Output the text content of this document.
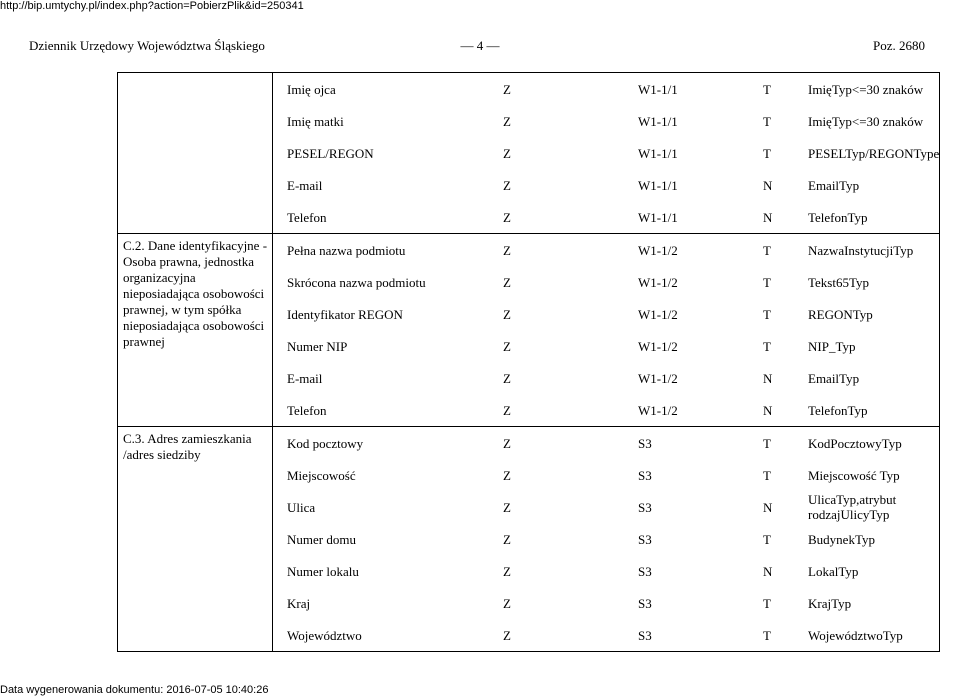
http://bip.umtychy.pl/index.php?action=PobierzPlik&id=250341
Dziennik Urzędowy Województwa Śląskiego	— 4 —	Poz. 2680

Imię ojca	Z	W1-1/1	T	ImięTyp<=30 znaków
Imię matki	Z	W1-1/1	T	ImięTyp<=30 znaków
PESEL/REGON	Z	W1-1/1	T	PESELTyp/REGONType
E-mail	Z	W1-1/1	N	EmailTyp
Telefon	Z	W1-1/1	N	TelefonTyp

C.2. Dane identyfikacyjne - Osoba prawna, jednostka organizacyjna nieposiadająca osobowości prawnej, w tym spółka nieposiadająca osobowości prawnej

Pełna nazwa podmiotu	Z	W1-1/2	T	NazwaInstytucjiTyp
Skrócona nazwa podmiotu	Z	W1-1/2	T	Tekst65Typ
Identyfikator REGON	Z	W1-1/2	T	REGONTyp
Numer NIP	Z	W1-1/2	T	NIP_Typ
E-mail	Z	W1-1/2	N	EmailTyp
Telefon	Z	W1-1/2	N	TelefonTyp

C.3. Adres zamieszkania /adres siedziby

Kod pocztowy	Z	S3	T	KodPocztowyTyp
Miejscowość	Z	S3	T	Miejscowość Typ
Ulica	Z	S3	N	UlicaTyp,atrybut rodzajUlicyTyp
Numer domu	Z	S3	T	BudynekTyp
Numer lokalu	Z	S3	N	LokalTyp
Kraj	Z	S3	T	KrajTyp
Województwo	Z	S3	T	WojewództwoTyp
Data wygenerowania dokumentu: 2016-07-05 10:40:26
